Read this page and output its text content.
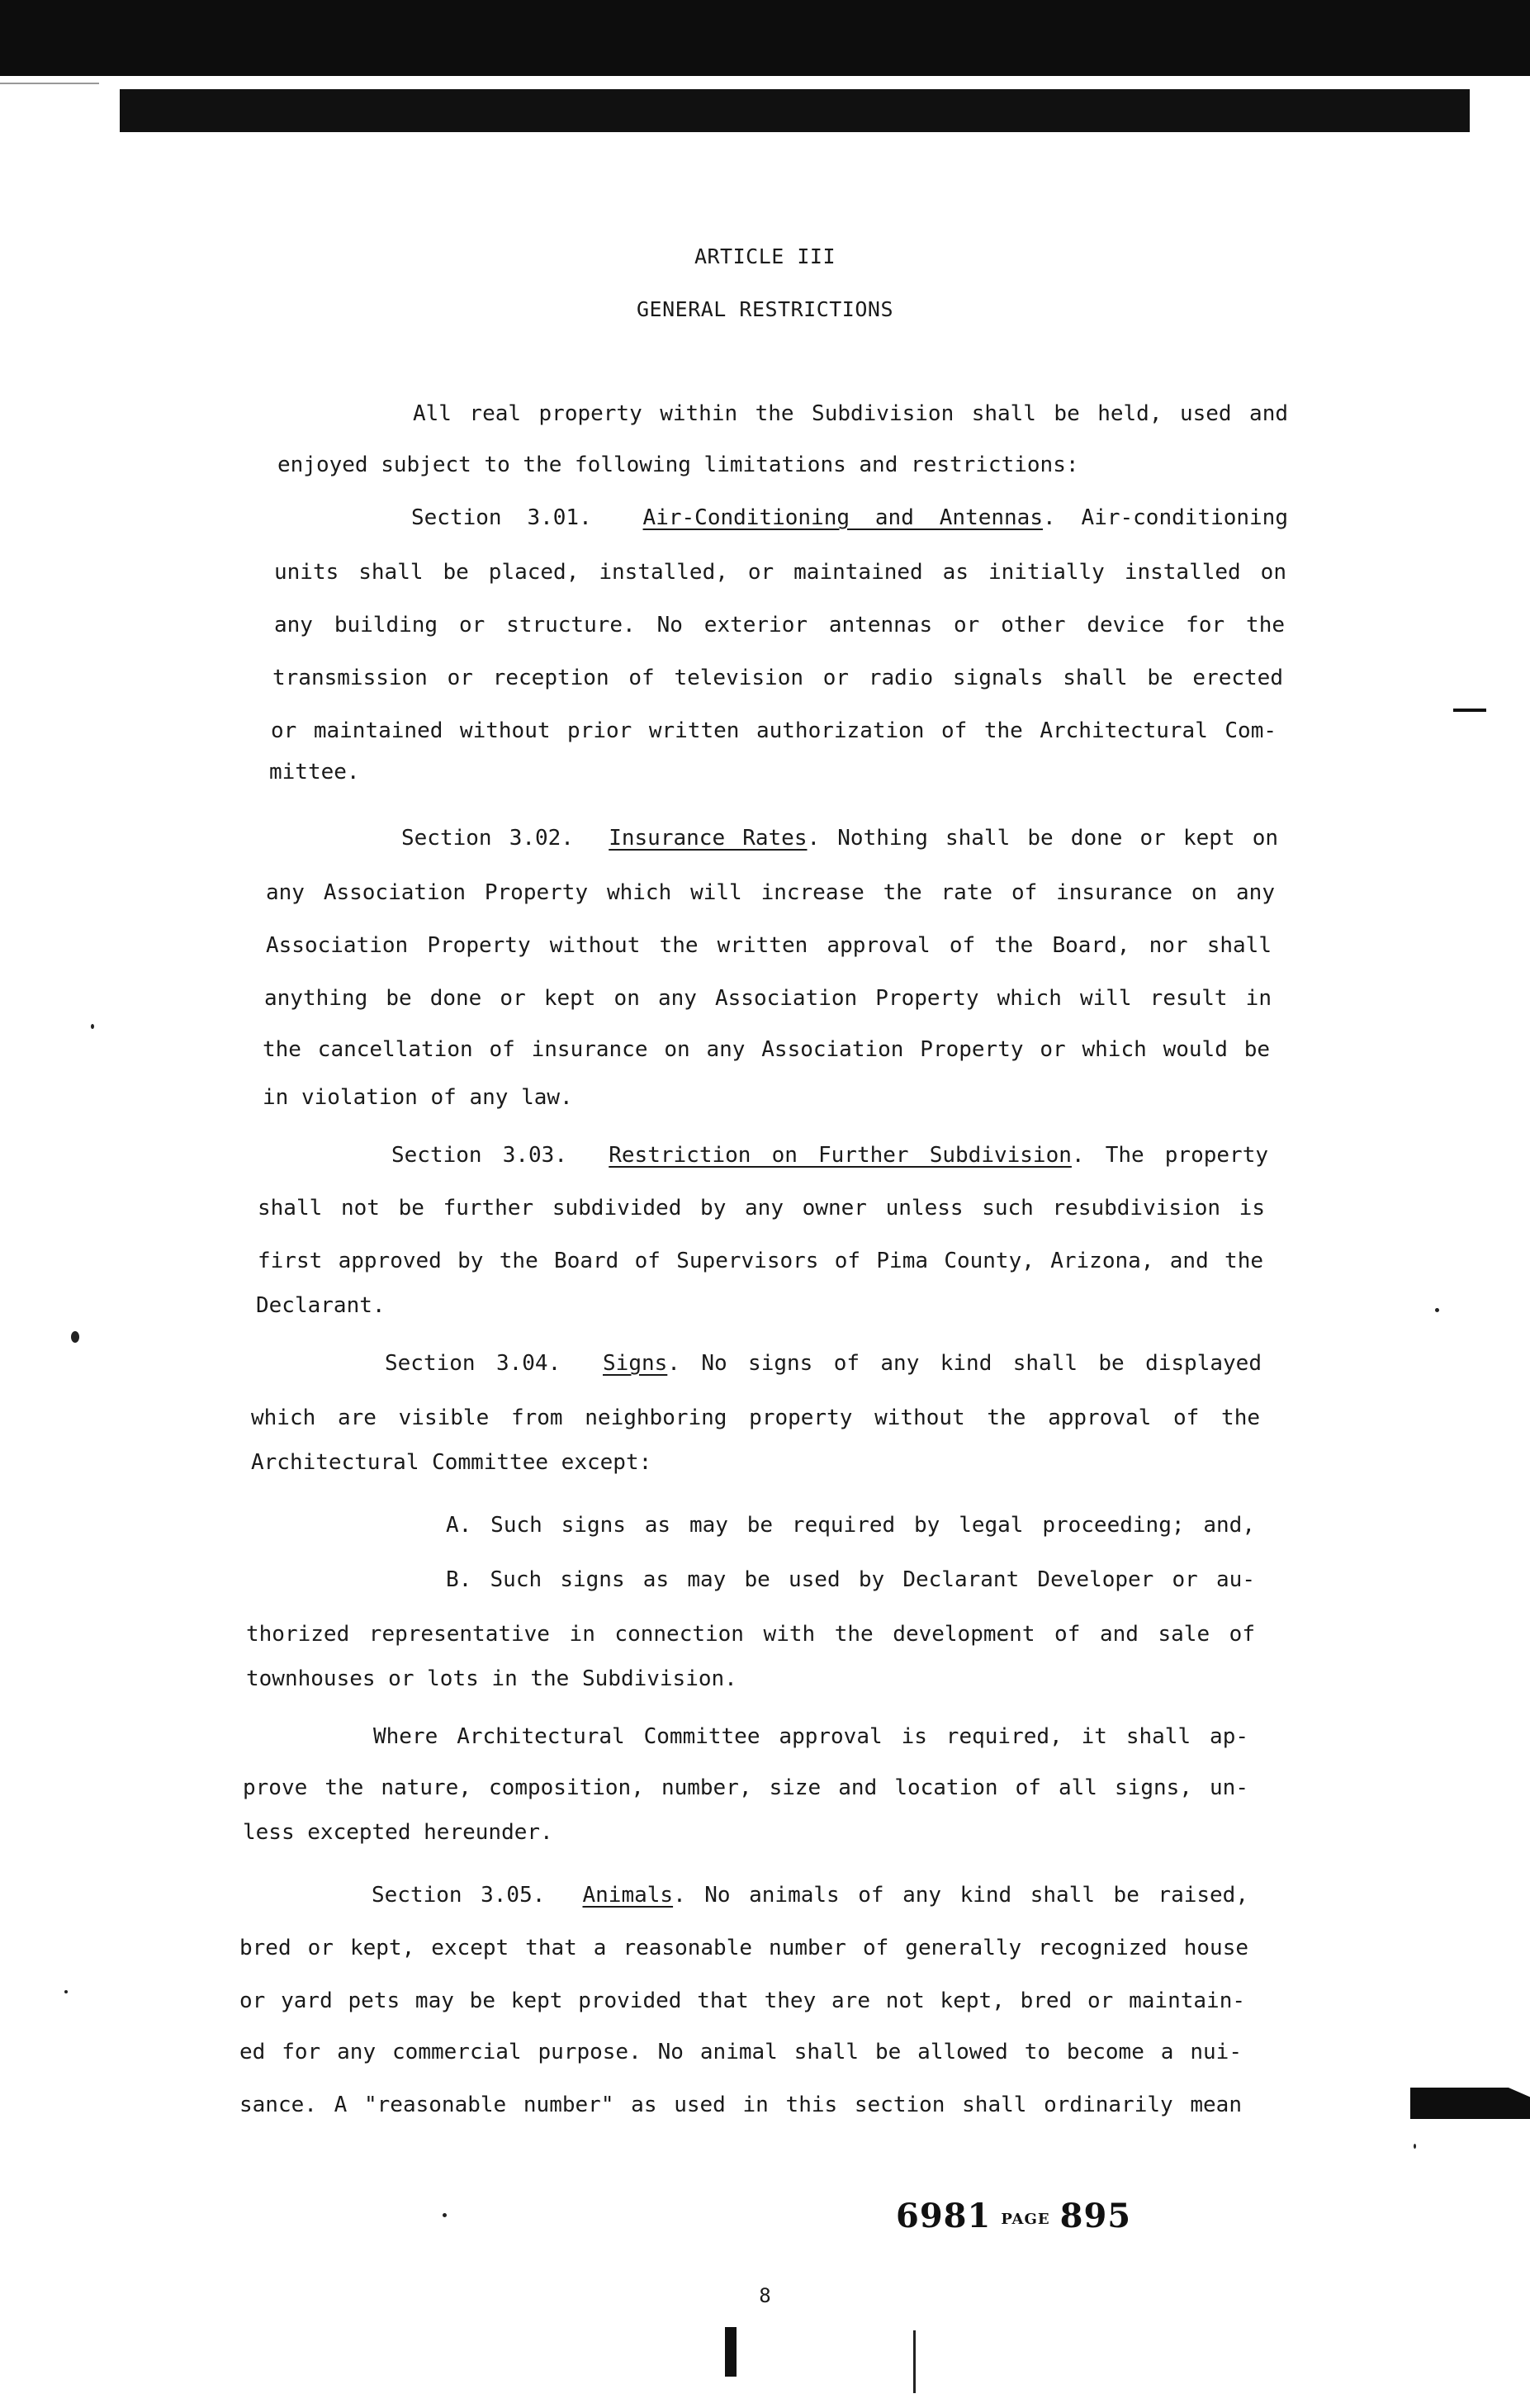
ARTICLE III
GENERAL RESTRICTIONS

All real property within the Subdivision shall be held, used and

enjoyed subject to the following limitations and restrictions:

Section 3.01. Air-Conditioning and Antennas. Air-conditioning

units shall be placed, installed, or maintained as initially installed on

any building or structure. No exterior antennas or other device for the

transmission or reception of television or radio signals shall be erected

or maintained without prior written authorization of the Architectural Com-

mittee.

Section 3.02. Insurance Rates. Nothing shall be done or kept on

any Association Property which will increase the rate of insurance on any

Association Property without the written approval of the Board, nor shall

anything be done or kept on any Association Property which will result in

the cancellation of insurance on any Association Property or which would be

in violation of any law.

Section 3.03. Restriction on Further Subdivision. The property

shall not be further subdivided by any owner unless such resubdivision is

first approved by the Board of Supervisors of Pima County, Arizona, and the

Declarant.

Section 3.04. Signs. No signs of any kind shall be displayed

which are visible from neighboring property without the approval of the

Architectural Committee except:

A. Such signs as may be required by legal proceeding; and,

B. Such signs as may be used by Declarant Developer or au-

thorized representative in connection with the development of and sale of

townhouses or lots in the Subdivision.

Where Architectural Committee approval is required, it shall ap-

prove the nature, composition, number, size and location of all signs, un-

less excepted hereunder.

Section 3.05. Animals. No animals of any kind shall be raised,

bred or kept, except that a reasonable number of generally recognized house

or yard pets may be kept provided that they are not kept, bred or maintain-

ed for any commercial purpose. No animal shall be allowed to become a nui-

sance. A "reasonable number" as used in this section shall ordinarily mean

6981 PAGE 895

8
